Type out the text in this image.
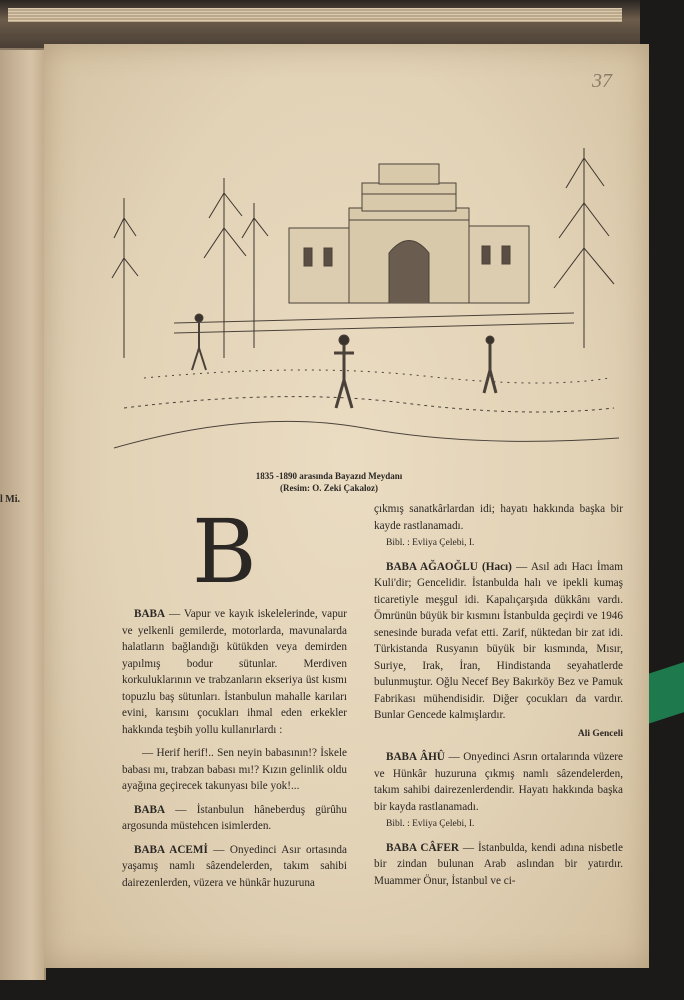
l Mi.
37
1835 -1890 arasında Bayazıd Meydanı
(Resim: O. Zeki Çakaloz)
B

BABA — Vapur ve kayık iskelelerinde, vapur ve yelkenli gemilerde, motorlarda, mavunalarda halatların bağlandığı kütükden veya demirden yapılmış bodur sütunlar. Merdiven korkuluklarının ve trabzanların ekseriya üst kısmı topuzlu baş sütunları. İstanbulun mahalle karıları evini, karısını çocukları ihmal eden erkekler hakkında teşbih yollu kullanırlardı :

— Herif herif!.. Sen neyin babasının!? İskele babası mı, trabzan babası mı!? Kızın gelinlik oldu ayağına geçirecek takunyası bile yok!...

BABA — İstanbulun hâneberduş gürûhu argosunda müstehcen isimlerden.

BABA ACEMİ — Onyedinci Asır ortasında yaşamış namlı sâzendelerden, takım sahibi dairezenlerden, vüzera ve hünkâr huzuruna

çıkmış sanatkârlardan idi; hayatı hakkında başka bir kayde rastlanamadı.

Bibl. : Evliya Çelebi, I.

BABA AĞAOĞLU (Hacı) — Asıl adı Hacı İmam Kuli'dir; Gencelidir. İstanbulda halı ve ipekli kumaş ticaretiyle meşgul idi. Kapalıçarşıda dükkânı vardı. Ömrünün büyük bir kısmını İstanbulda geçirdi ve 1946 senesinde burada vefat etti. Zarif, nüktedan bir zat idi. Türkistanda Rusyanın büyük bir kısmında, Mısır, Suriye, Irak, İran, Hindistanda seyahatlerde bulunmuştur. Oğlu Necef Bey Bakırköy Bez ve Pamuk Fabrikası mühendisidir. Diğer çocukları da vardır. Bunlar Gencede kalmışlardır.

Ali Genceli

BABA ÂHÛ — Onyedinci Asrın ortalarında vüzere ve Hünkâr huzuruna çıkmış namlı sâzendelerden, takım sahibi dairezenlerdendir. Hayatı hakkında başka bir kayda rastlanamadı.

Bibl. : Evliya Çelebi, I.

BABA CÂFER — İstanbulda, kendi adına nisbetle bir zindan bulunan Arab aslından bir yatırdır. Muammer Önur, İstanbul ve ci-
